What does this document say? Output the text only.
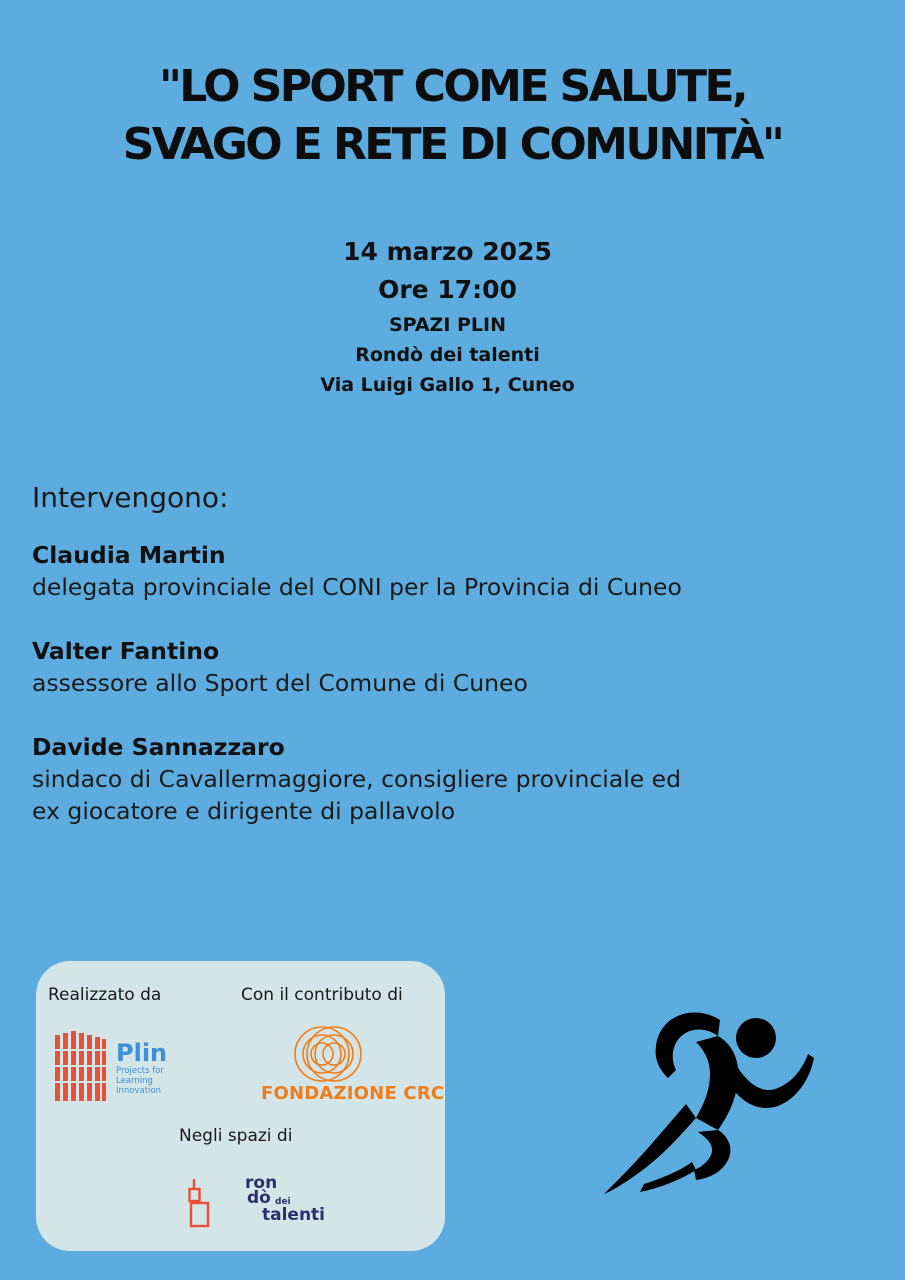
"LO SPORT COME SALUTE,
SVAGO E RETE DI COMUNITÀ"
14 marzo 2025
Ore 17:00
SPAZI PLIN
Rondò dei talenti
Via Luigi Gallo 1, Cuneo
Intervengono:
Claudia Martin
delegata provinciale del CONI per la Provincia di Cuneo
Valter Fantino
assessore allo Sport del Comune di Cuneo
Davide Sannazzaro
sindaco di Cavallermaggiore, consigliere provinciale ed
ex giocatore e dirigente di pallavolo
Realizzato da	Con il contributo di
Plin
Projects for Learning Innovation	FONDAZIONE CRC
Negli spazi di
ron
dò dei
talenti
